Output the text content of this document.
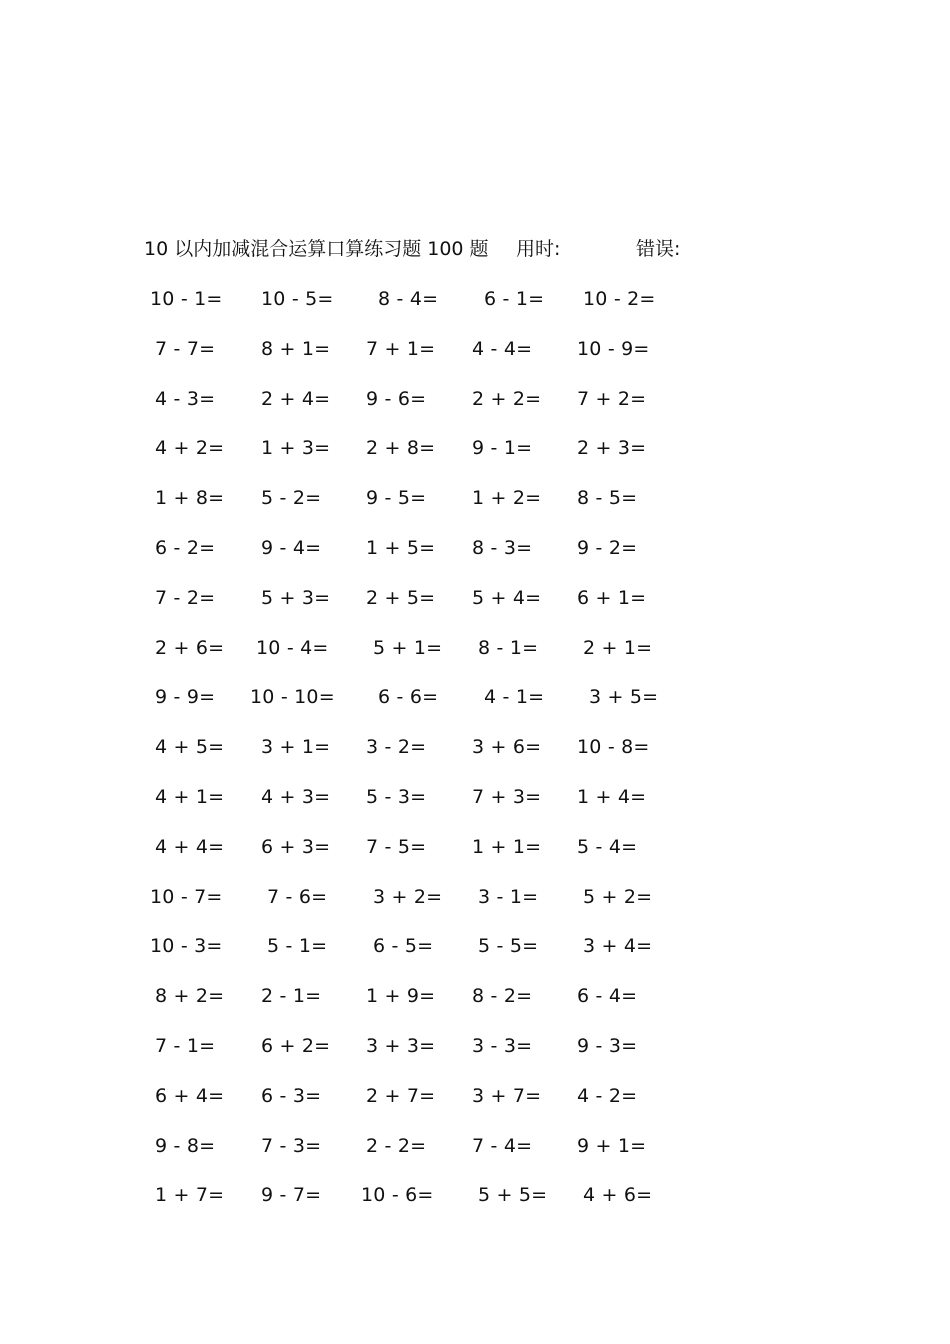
10 以内加减混合运算口算练习题 100 题 用时:	错误:
10 - 1= 10 - 5= 8 - 4= 6 - 1= 10 - 2=
7 - 7= 8 + 1= 7 + 1= 4 - 4= 10 - 9=
4 - 3= 2 + 4= 9 - 6= 2 + 2= 7 + 2=
4 + 2= 1 + 3= 2 + 8= 9 - 1= 2 + 3=
1 + 8= 5 - 2= 9 - 5= 1 + 2= 8 - 5=
6 - 2= 9 - 4= 1 + 5= 8 - 3= 9 - 2=
7 - 2= 5 + 3= 2 + 5= 5 + 4= 6 + 1=
2 + 6= 10 - 4= 5 + 1= 8 - 1= 2 + 1=
9 - 9= 10 - 10= 6 - 6= 4 - 1= 3 + 5=
4 + 5= 3 + 1= 3 - 2= 3 + 6= 10 - 8=
4 + 1= 4 + 3= 5 - 3= 7 + 3= 1 + 4=
4 + 4= 6 + 3= 7 - 5= 1 + 1= 5 - 4=
10 - 7= 7 - 6= 3 + 2= 3 - 1= 5 + 2=
10 - 3= 5 - 1= 6 - 5= 5 - 5= 3 + 4=
8 + 2= 2 - 1= 1 + 9= 8 - 2= 6 - 4=
7 - 1= 6 + 2= 3 + 3= 3 - 3= 9 - 3=
6 + 4= 6 - 3= 2 + 7= 3 + 7= 4 - 2=
9 - 8= 7 - 3= 2 - 2= 7 - 4= 9 + 1=
1 + 7= 9 - 7= 10 - 6= 5 + 5= 4 + 6=
